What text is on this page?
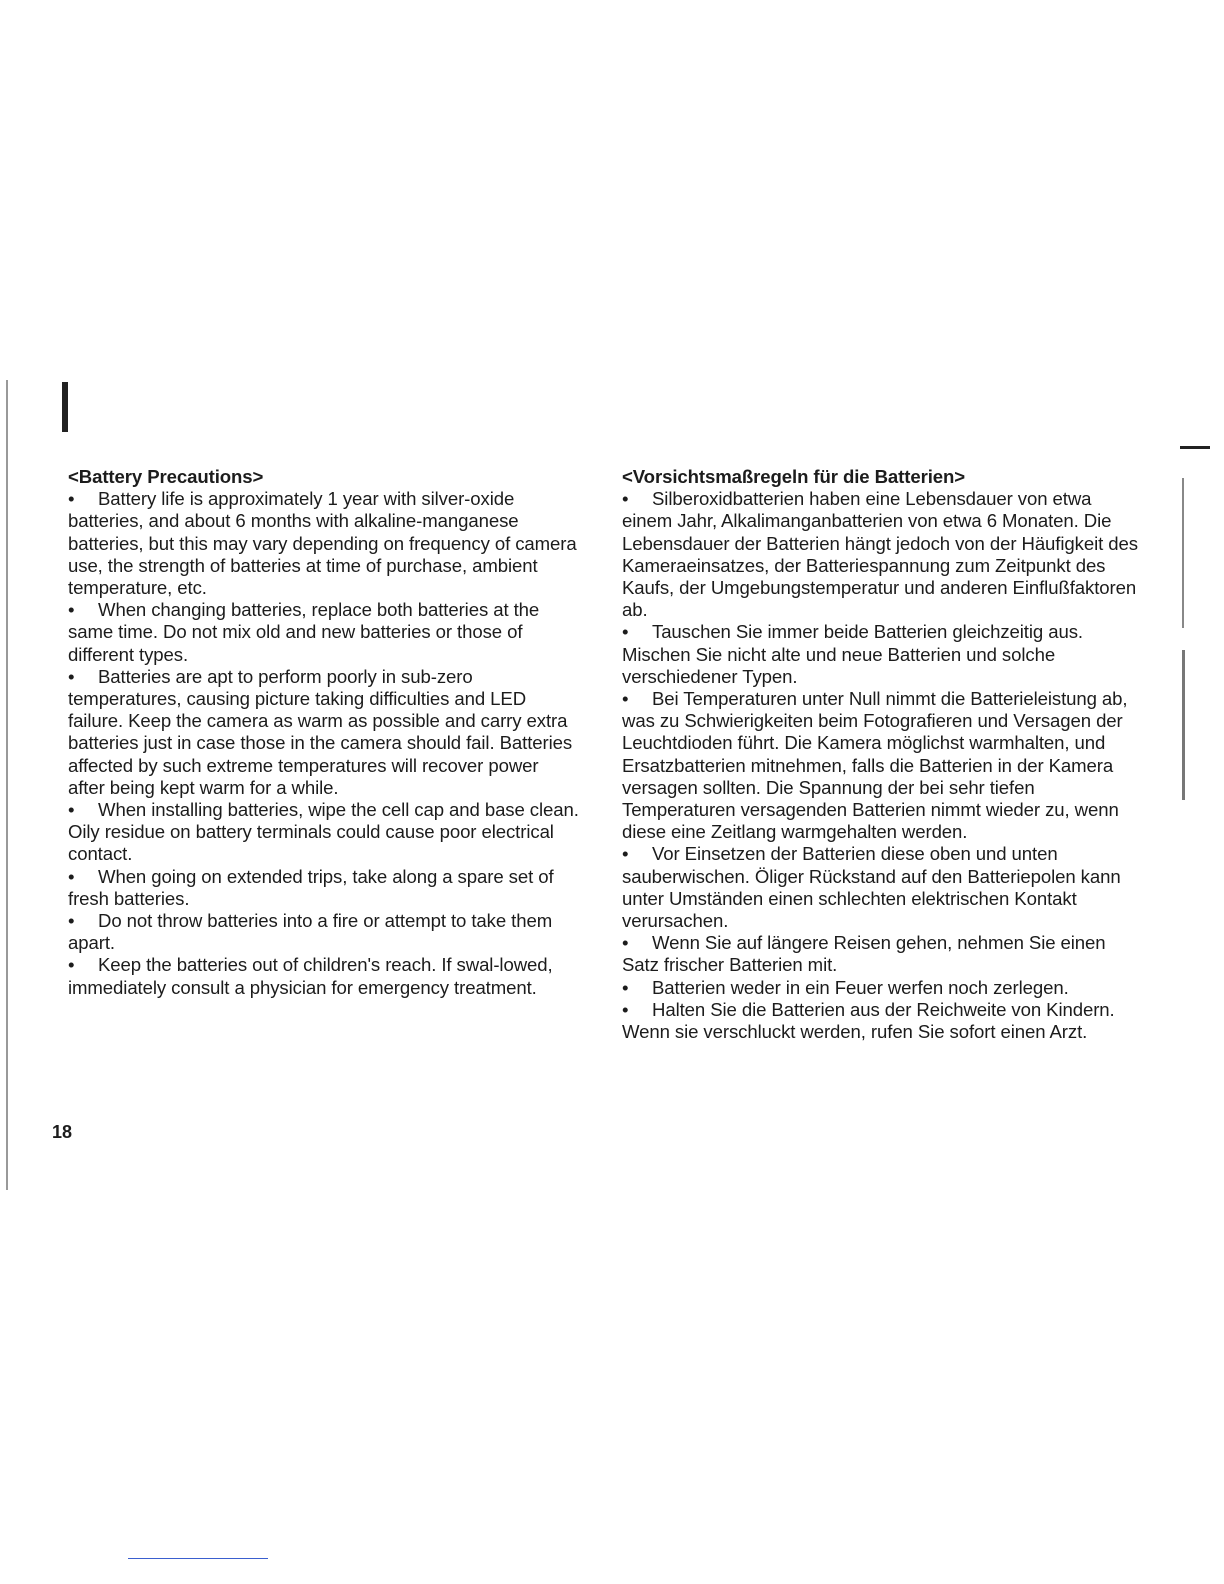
<Battery Precautions>

• Battery life is approximately 1 year with silver-oxide batteries, and about 6 months with alkaline-manganese batteries, but this may vary depending on frequency of camera use, the strength of batteries at time of purchase, ambient temperature, etc.

• When changing batteries, replace both batteries at the same time. Do not mix old and new batteries or those of different types.

• Batteries are apt to perform poorly in sub-zero temperatures, causing picture taking difficulties and LED failure. Keep the camera as warm as possible and carry extra batteries just in case those in the camera should fail. Batteries affected by such extreme temperatures will recover power after being kept warm for a while.

• When installing batteries, wipe the cell cap and base clean. Oily residue on battery terminals could cause poor electrical contact.

• When going on extended trips, take along a spare set of fresh batteries.

• Do not throw batteries into a fire or attempt to take them apart.

• Keep the batteries out of children's reach. If swal-lowed, immediately consult a physician for emergency treatment.

<Vorsichtsmaßregeln für die Batterien>

• Silberoxidbatterien haben eine Lebensdauer von etwa einem Jahr, Alkalimanganbatterien von etwa 6 Monaten. Die Lebensdauer der Batterien hängt jedoch von der Häufigkeit des Kameraeinsatzes, der Batteriespannung zum Zeitpunkt des Kaufs, der Umgebungstemperatur und anderen Einflußfaktoren ab.

• Tauschen Sie immer beide Batterien gleichzeitig aus. Mischen Sie nicht alte und neue Batterien und solche verschiedener Typen.

• Bei Temperaturen unter Null nimmt die Batterieleistung ab, was zu Schwierigkeiten beim Fotografieren und Versagen der Leuchtdioden führt. Die Kamera möglichst warmhalten, und Ersatzbatterien mitnehmen, falls die Batterien in der Kamera versagen sollten. Die Spannung der bei sehr tiefen Temperaturen versagenden Batterien nimmt wieder zu, wenn diese eine Zeitlang warmgehalten werden.

• Vor Einsetzen der Batterien diese oben und unten sauberwischen. Öliger Rückstand auf den Batteriepolen kann unter Umständen einen schlechten elektrischen Kontakt verursachen.

• Wenn Sie auf längere Reisen gehen, nehmen Sie einen Satz frischer Batterien mit.

• Batterien weder in ein Feuer werfen noch zerlegen.

• Halten Sie die Batterien aus der Reichweite von Kindern. Wenn sie verschluckt werden, rufen Sie sofort einen Arzt.

18
